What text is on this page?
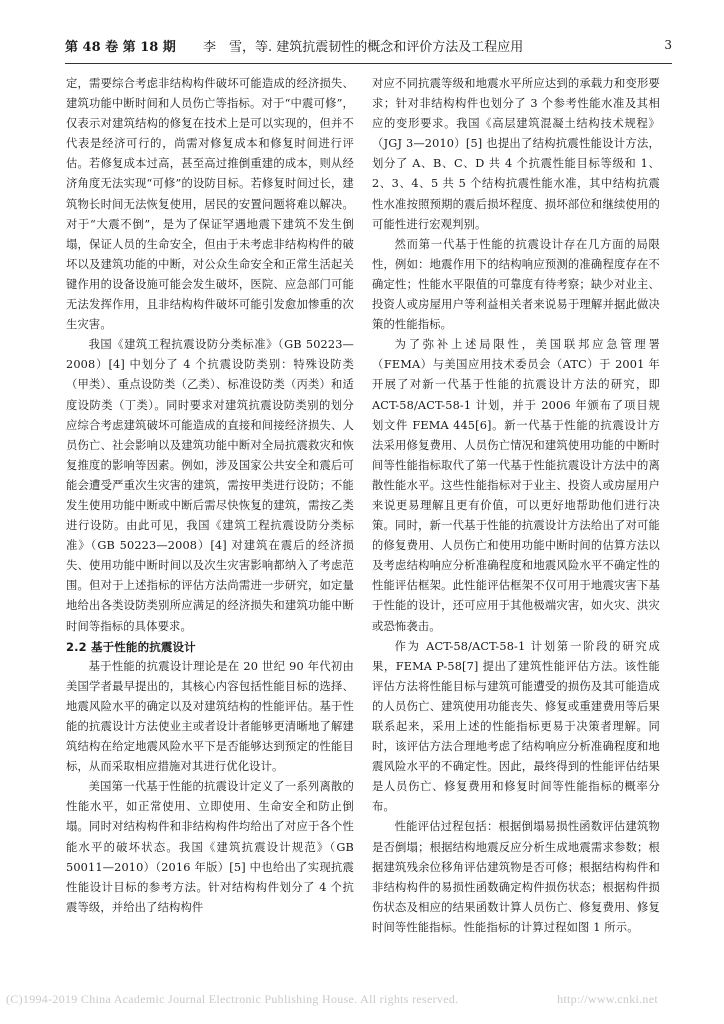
第 48 卷 第 18 期 李　雪，等. 建筑抗震韧性的概念和评价方法及工程应用	3

定，需要综合考虑非结构构件破坏可能造成的经济损失、建筑功能中断时间和人员伤亡等指标。对于“中震可修”，仅表示对建筑结构的修复在技术上是可以实现的，但并不代表是经济可行的，尚需对修复成本和修复时间进行评估。若修复成本过高，甚至高过推倒重建的成本，则从经济角度无法实现“可修”的设防目标。若修复时间过长，建筑物长时间无法恢复使用，居民的安置问题将难以解决。对于“大震不倒”，是为了保证罕遇地震下建筑不发生倒塌，保证人员的生命安全，但由于未考虑非结构构件的破坏以及建筑功能的中断，对公众生命安全和正常生活起关键作用的设备设施可能会发生破坏，医院、应急部门可能无法发挥作用，且非结构构件破坏可能引发愈加惨重的次生灾害。

我国《建筑工程抗震设防分类标准》（GB 50223—2008）[4] 中划分了 4 个抗震设防类别：特殊设防类（甲类）、重点设防类（乙类）、标准设防类（丙类）和适度设防类（丁类）。同时要求对建筑抗震设防类别的划分应综合考虑建筑破坏可能造成的直接和间接经济损失、人员伤亡、社会影响以及建筑功能中断对全局抗震救灾和恢复推度的影响等因素。例如，涉及国家公共安全和震后可能会遭受严重次生灾害的建筑，需按甲类进行设防；不能发生使用功能中断或中断后需尽快恢复的建筑，需按乙类进行设防。由此可见，我国《建筑工程抗震设防分类标准》（GB 50223—2008）[4] 对建筑在震后的经济损失、使用功能中断时间以及次生灾害影响都纳入了考虑范围。但对于上述指标的评估方法尚需进一步研究，如定量地给出各类设防类别所应满足的经济损失和建筑功能中断时间等指标的具体要求。

2.2 基于性能的抗震设计

基于性能的抗震设计理论是在 20 世纪 90 年代初由美国学者最早提出的，其核心内容包括性能目标的选择、地震风险水平的确定以及对建筑结构的性能评估。基于性能的抗震设计方法使业主或者设计者能够更清晰地了解建筑结构在给定地震风险水平下是否能够达到预定的性能目标，从而采取相应措施对其进行优化设计。

美国第一代基于性能的抗震设计定义了一系列离散的性能水平，如正常使用、立即使用、生命安全和防止倒塌。同时对结构构件和非结构构件均给出了对应于各个性能水平的破坏状态。我国《建筑抗震设计规范》（GB 50011—2010）（2016 年版）[5] 中也给出了实现抗震性能设计目标的参考方法。针对结构构件划分了 4 个抗震等级，并给出了结构构件

对应不同抗震等级和地震水平所应达到的承载力和变形要求；针对非结构构件也划分了 3 个参考性能水准及其相应的变形要求。我国《高层建筑混凝土结构技术规程》（JGJ 3—2010）[5] 也提出了结构抗震性能设计方法，划分了 A、B、C、D 共 4 个抗震性能目标等级和 1、2、3、4、5 共 5 个结构抗震性能水准，其中结构抗震性水准按照预期的震后损坏程度、损坏部位和继续使用的可能性进行宏观判别。

然而第一代基于性能的抗震设计存在几方面的局限性，例如：地震作用下的结构响应预测的准确程度存在不确定性；性能水平限值的可靠度有待考察；缺少对业主、投资人或房屋用户等利益相关者来说易于理解并据此做决策的性能指标。

为了弥补上述局限性，美国联邦应急管理署（FEMA）与美国应用技术委员会（ATC）于 2001 年开展了对新一代基于性能的抗震设计方法的研究，即 ACT-58/ACT-58-1 计划，并于 2006 年颁布了项目规划文件 FEMA 445[6]。新一代基于性能的抗震设计方法采用修复费用、人员伤亡情况和建筑使用功能的中断时间等性能指标取代了第一代基于性能抗震设计方法中的离散性能水平。这些性能指标对于业主、投资人或房屋用户来说更易理解且更有价值，可以更好地帮助他们进行决策。同时，新一代基于性能的抗震设计方法给出了对可能的修复费用、人员伤亡和使用功能中断时间的估算方法以及考虑结构响应分析准确程度和地震风险水平不确定性的性能评估框架。此性能评估框架不仅可用于地震灾害下基于性能的设计，还可应用于其他极端灾害，如火灾、洪灾或恐怖袭击。

作为 ACT-58/ACT-58-1 计划第一阶段的研究成果，FEMA P-58[7] 提出了建筑性能评估方法。该性能评估方法将性能目标与建筑可能遭受的损伤及其可能造成的人员伤亡、建筑使用功能丧失、修复或重建费用等后果联系起来，采用上述的性能指标更易于决策者理解。同时，该评估方法合理地考虑了结构响应分析准确程度和地震风险水平的不确定性。因此，最终得到的性能评估结果是人员伤亡、修复费用和修复时间等性能指标的概率分布。

性能评估过程包括：根据倒塌易损性函数评估建筑物是否倒塌；根据结构地震反应分析生成地震需求参数；根据建筑残余位移角评估建筑物是否可修；根据结构构件和非结构构件的易损性函数确定构件损伤状态；根据构件损伤状态及相应的结果函数计算人员伤亡、修复费用、修复时间等性能指标。性能指标的计算过程如图 1 所示。

(C)1994-2019 China Academic Journal Electronic Publishing House. All rights reserved.	http://www.cnki.net
